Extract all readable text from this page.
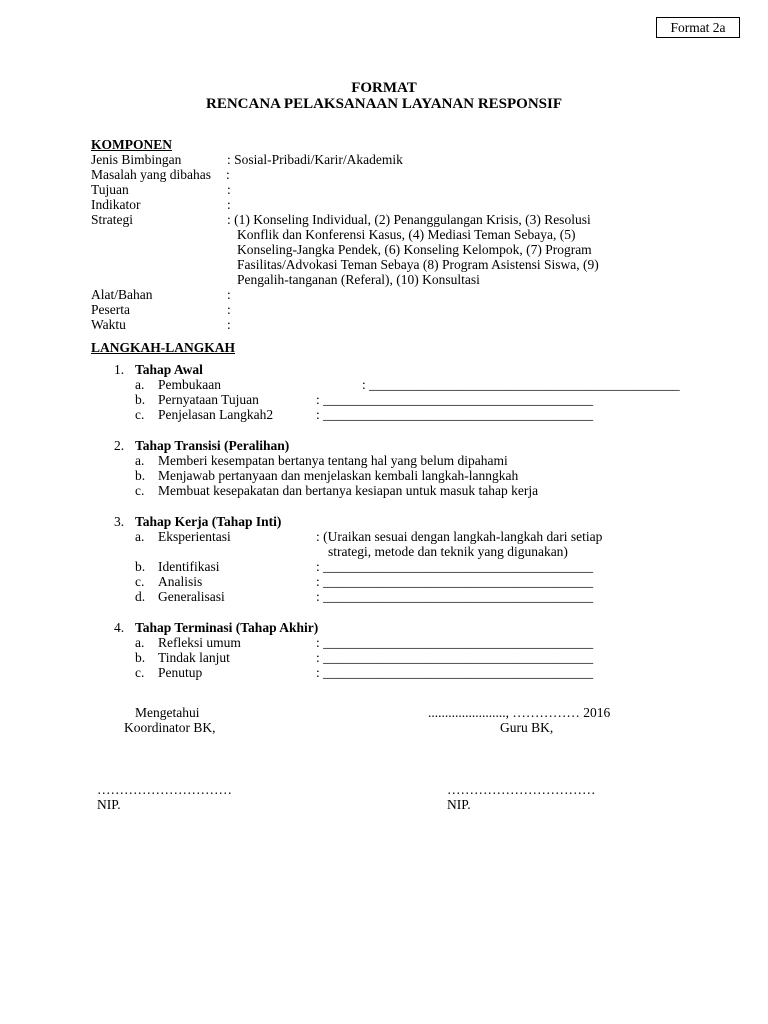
Format 2a
FORMAT
RENCANA PELAKSANAAN LAYANAN RESPONSIF
KOMPONEN
Jenis Bimbingan	: Sosial-Pribadi/Karir/Akademik
Masalah yang dibahas :
Tujuan	:
Indikator	:
Strategi	: (1) Konseling Individual, (2) Penanggulangan Krisis, (3) Resolusi
Konflik dan Konferensi Kasus, (4) Mediasi Teman Sebaya, (5)
Konseling-Jangka Pendek, (6) Konseling Kelompok, (7) Program
Fasilitas/Advokasi Teman Sebaya (8) Program Asistensi Siswa, (9)
Pengalih-tanganan (Referal), (10) Konsultasi
Alat/Bahan	:
Peserta	:
Waktu	:
LANGKAH-LANGKAH
1. Tahap Awal
a. Pembukaan	: ______________________________________________
b. Pernyataan Tujuan	: ________________________________________
c. Penjelasan Langkah2	: ________________________________________
2. Tahap Transisi (Peralihan)
a. Memberi kesempatan bertanya tentang hal yang belum dipahami
b. Menjawab pertanyaan dan menjelaskan kembali langkah-lanngkah
c. Membuat kesepakatan dan bertanya kesiapan untuk masuk tahap kerja
3. Tahap Kerja (Tahap Inti)
a. Eksperientasi	: (Uraikan sesuai dengan langkah-langkah dari setiap
strategi, metode dan teknik yang digunakan)
b. Identifikasi	: ________________________________________
c. Analisis	: ________________________________________
d. Generalisasi	: ________________________________________
4. Tahap Terminasi (Tahap Akhir)
a. Refleksi umum	: ________________________________________
b. Tindak lanjut	: ________________________________________
c. Penutup	: ________________________________________
Mengetahui
Koordinator BK,
......................., …………… 2016
Guru BK,
…………………………
NIP.
……………………………
NIP.
